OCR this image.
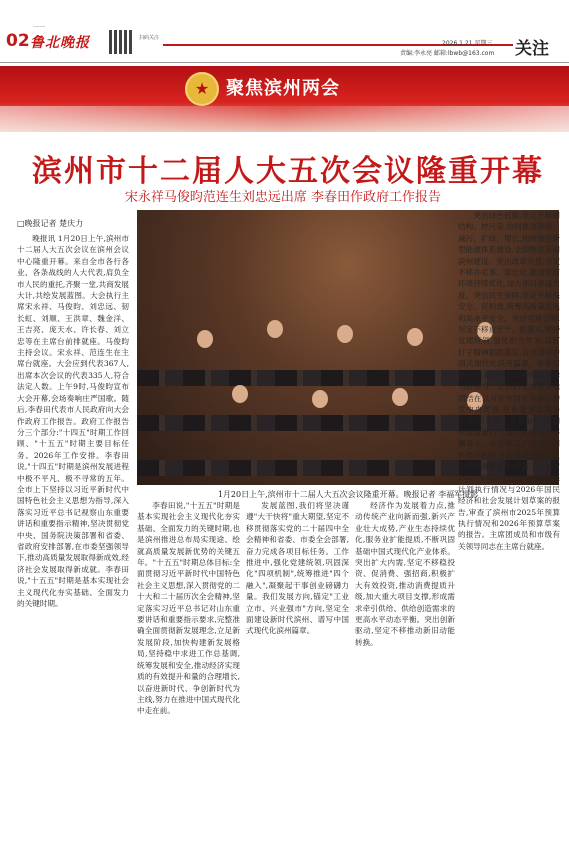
一一
02 鲁北晚报	扫码关注
2026.1.21 星期三
责编:李永亮 邮箱:lbwb@163.com 关注
★ 聚焦滨州两会
滨州市十二届人大五次会议隆重开幕
宋永祥马俊昀范连生刘忠远出席 李春田作政府工作报告
□晚报记者 楚庆力
1月20日上午,滨州市十二届人大五次会议隆重开幕。晚报记者 李福军摄影

晚报讯 1月20日上午,滨州市十二届人大五次会议在滨州会议中心隆重开幕。来自全市各行各业、各条战线的人大代表,肩负全市人民的重托,齐聚一堂,共商发展大计,共绘发展蓝图。大会执行主席宋永祥、马俊昀、刘忠远、韧长虹、刘顺、王洪章、魏金洋、王吉亮、庞天水、许长春、刘立忠等在主席台前排就座。马俊昀主持会议。宋永祥、范连生在主席台就座。大会应到代表367人,出席本次会议的代表335人,符合法定人数。上午9时,马俊昀宣布大会开幕,会场奏响庄严国歌。随后,李春田代表市人民政府向大会作政府工作报告。政府工作报告分三个部分:"十四五"时期工作回顾、"十五五"时期主要目标任务、2026年工作安排。李春田说,"十四五"时期是滨州发展进程中极不平凡、极不寻常的五年。全市上下坚持以习近平新时代中国特色社会主义思想为指导,深入落实习近平总书记视察山东重要讲话和重要指示精神,坚决贯彻党中央、国务院决策部署和省委、省政府安排部署,在市委坚强领导下,推动高质量发展取得新成效,经济社会发展取得新成就。李春田说,"十五五"时期是基本实现社会主义现代化夯实基础、全面发力的关键时期。

李春田说,"十五五"时期是基本实现社会主义现代化夯实基础、全面发力的关键时期,也是滨州推进总布局实现途、绘就高质量发展新优势的关键五年。"十五五"时期总体目标:全面贯彻习近平新时代中国特色社会主义思想,深入贯彻党的二十大和二十届历次全会精神,坚定落实习近平总书记对山东重要讲话和重要指示要求,完整准确全面贯彻新发展理念,立足新发展阶段,加快构建新发展格局,坚持稳中求进工作总基调,统筹发展和安全,推动经济实现质的有效提升和量的合理增长,以奋进新时代、争创新时代为主线,努力在推进中国式现代化中走在前。

发展蓝图,我们将坚决谨遵"大干快将"重大期望,坚定不移贯彻落实党的二十届四中全会精神和省委、市委全会部署,奋力完成各项目标任务。工作推进中,强化党建统领,巩固深化"四项机制",统筹推进"四个融入",凝聚起干事创业磅礴力量。我们发展方向,锚定"工业立市、兴业强市"方向,坚定全面建设新时代滨州、谱写中国式现代化滨州篇章。

经济作为发展着力点,推动传统产业向新而强,新兴产业壮大成势,产业生态持续优化,服务业扩能提质,不断巩固基础中国式现代化产业体系。突出扩大内需,坚定不移稳投资、促消费、强招商,积极扩大有效投资,推动消费提质升级,加大重大项目支撑,形成需求牵引供给、供给创造需求的更高水平动态平衡。突出创新驱动,坚定不移推动新旧动能转换。

突出绿色低碳,坚定不移调结构、控污染,协同推进降碳、减污、扩绿、增长,加快推进新型能源体系建设,全面推进美丽滨州建设。突出改革开放,坚定不移办实事、谋长远,推动营商环境持续优化,加大项目建设力度。突出民生保障,坚定不移保安全、促和谐,统筹高质量发展和高水平安全。突出党建引领,坚定不移重宏干、抓落实,坚持党建统领,强化担当作为,以钉钉子精神狠抓落实,奋力谱写中国式现代化滨州篇章。李春田最后说,新时代新征程呼唤新作为新担当。让我们更加紧密地团结在以习近平同志为核心的党中央周围,在市委坚强领导下,踔厉奋发、勇毅前行,为加快建设新时代现代化强市而不懈奋斗。大会审议了滨州市国民经济和社会发展第十五个五年规划纲要草案,审查了滨州市2025年国民经济和社会发展计划执行情况与2026年国民经济和社会发展计划草案的报告,审查了滨州市2025年预算执行情况和2026年预算草案的报告。主席团成员和市级有关领导同志在主席台就座。
